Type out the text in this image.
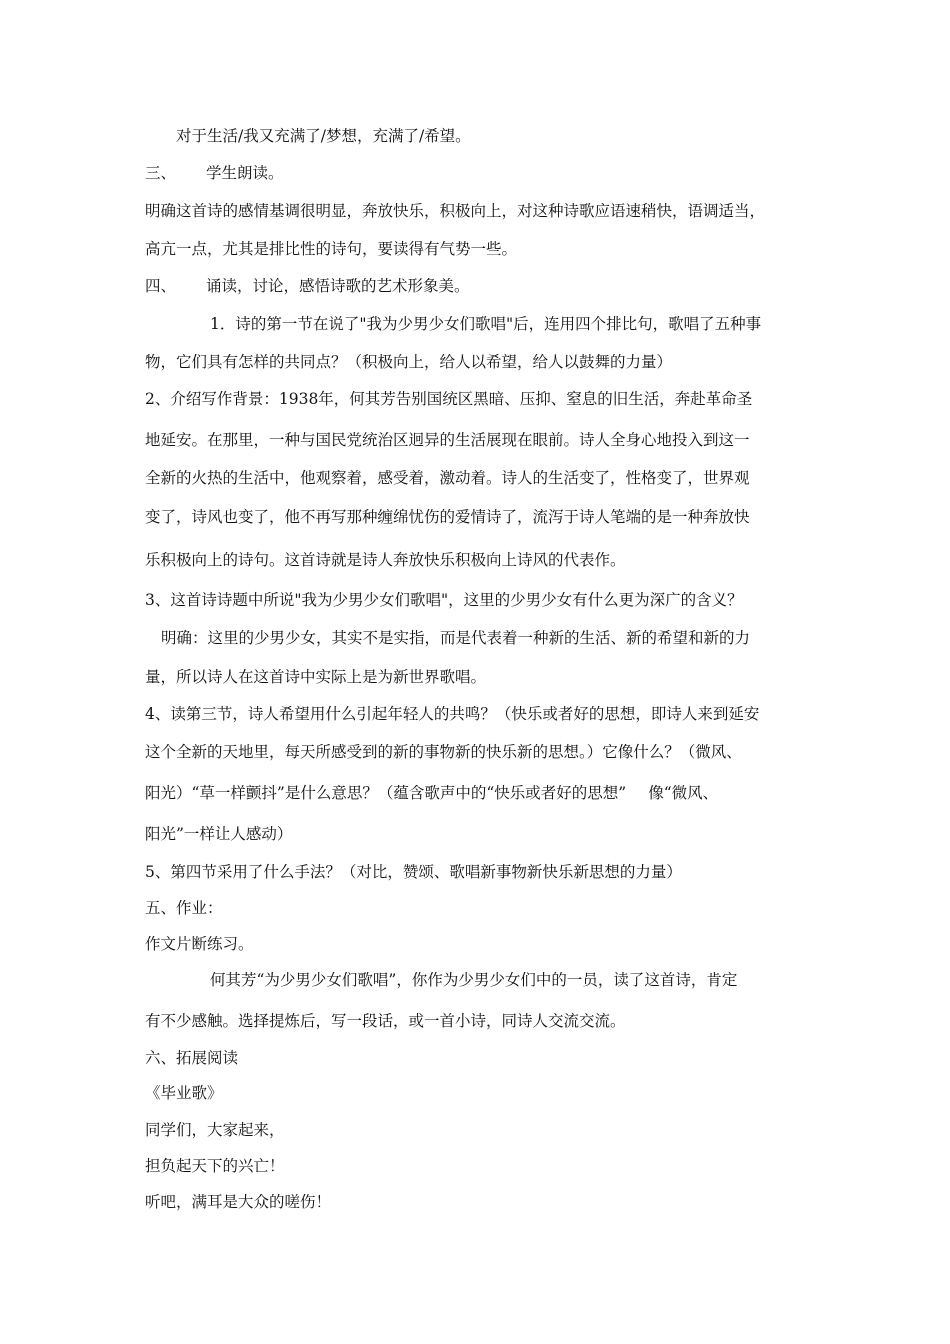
对于生活/我又充满了/梦想，充满了/希望。
三、 学生朗读。
明确这首诗的感情基调很明显，奔放快乐，积极向上，对这种诗歌应语速稍快，语调适当，
高亢一点，尤其是排比性的诗句，要读得有气势一些。
四、 诵读，讨论，感悟诗歌的艺术形象美。
1．诗的第一节在说了"我为少男少女们歌唱"后，连用四个排比句，歌唱了五种事
物，它们具有怎样的共同点？（积极向上，给人以希望，给人以鼓舞的力量）
2、介绍写作背景：1938年，何其芳告别国统区黑暗、压抑、窒息的旧生活，奔赴革命圣
地延安。在那里，一种与国民党统治区迥异的生活展现在眼前。诗人全身心地投入到这一
全新的火热的生活中，他观察着，感受着，激动着。诗人的生活变了，性格变了，世界观
变了，诗风也变了，他不再写那种缠绵忧伤的爱情诗了，流泻于诗人笔端的是一种奔放快
乐积极向上的诗句。这首诗就是诗人奔放快乐积极向上诗风的代表作。
3、这首诗诗题中所说"我为少男少女们歌唱"，这里的少男少女有什么更为深广的含义？
明确：这里的少男少女，其实不是实指，而是代表着一种新的生活、新的希望和新的力
量，所以诗人在这首诗中实际上是为新世界歌唱。
4、读第三节，诗人希望用什么引起年轻人的共鸣？（快乐或者好的思想，即诗人来到延安
这个全新的天地里，每天所感受到的新的事物新的快乐新的思想。）它像什么？（微风、
阳光）“草一样颤抖”是什么意思？（蕴含歌声中的“快乐或者好的思想” 像“微风、
阳光”一样让人感动）
5、第四节采用了什么手法？（对比，赞颂、歌唱新事物新快乐新思想的力量）
五、作业：
作文片断练习。
何其芳“为少男少女们歌唱”，你作为少男少女们中的一员，读了这首诗，肯定
有不少感触。选择提炼后，写一段话，或一首小诗，同诗人交流交流。
六、拓展阅读
《毕业歌》
同学们，大家起来，
担负起天下的兴亡！
听吧，满耳是大众的嗟伤！
